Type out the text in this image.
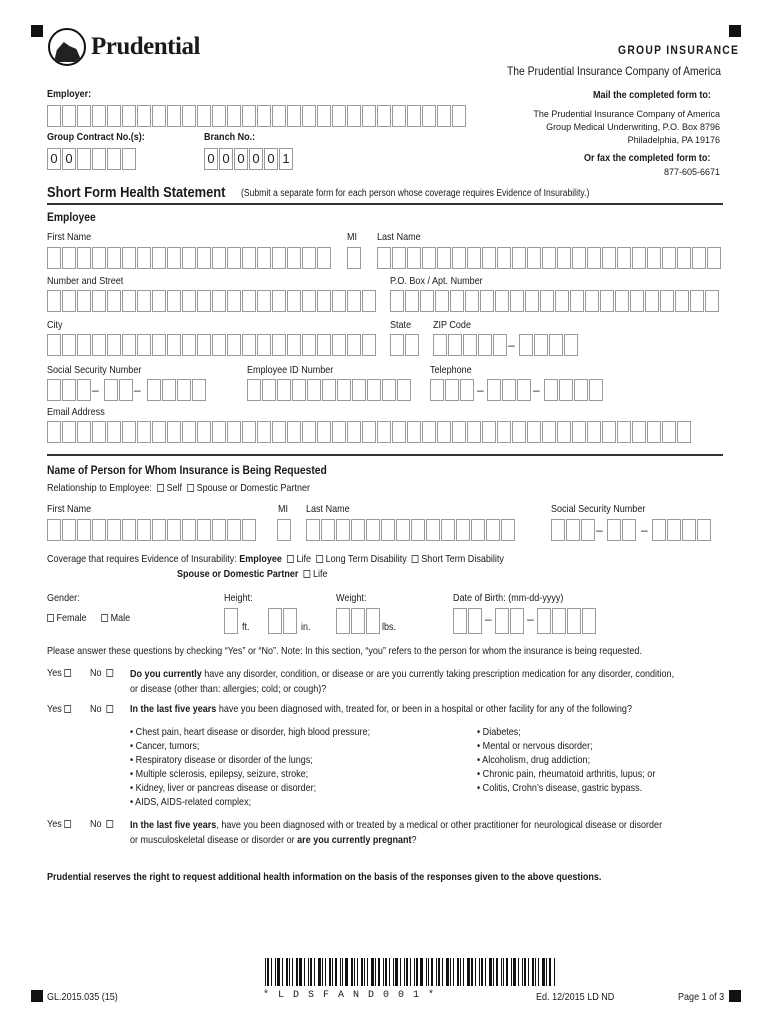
Prudential	GROUP INSURANCE
The Prudential Insurance Company of America
Employer:	Mail the completed form to:
The Prudential Insurance Company of America
Group Medical Underwriting, P.O. Box 8796
Philadelphia, PA 19176
Or fax the completed form to:
877-605-6671
Group Contract No.(s):
0 0
Branch No.:
0 0 0 0 0 1
Short Form Health Statement (Submit a separate form for each person whose coverage requires Evidence of Insurability.)
Employee
First Name	MI Last Name
Number and Street	P.O. Box / Apt. Number
City	State ZIP Code
–
Social Security Number	Employee ID Number	Telephone
–	–	–	–
Email Address
Name of Person for Whom Insurance is Being Requested
Relationship to Employee: Self Spouse or Domestic Partner
First Name	MI Last Name	Social Security Number
–	–
Coverage that requires Evidence of Insurability: Employee Life Long Term Disability Short Term Disability
Spouse or Domestic Partner Life
Gender:
Female Male
Height:
ft.	in.
Weight:
lbs.
Date of Birth: (mm-dd-yyyy)
–	–
Please answer these questions by checking “Yes” or “No”. Note: In this section, “you” refers to the person for whom the insurance is being requested.
Yes	No	Do you currently have any disorder, condition, or disease or are you currently taking prescription medication for any disorder, condition,
or disease (other than: allergies; cold; or cough)?
Yes	No	In the last five years have you been diagnosed with, treated for, or been in a hospital or other facility for any of the following?
• Chest pain, heart disease or disorder, high blood pressure;
• Cancer, tumors;
• Respiratory disease or disorder of the lungs;
• Multiple sclerosis, epilepsy, seizure, stroke;
• Kidney, liver or pancreas disease or disorder;
• AIDS, AIDS-related complex;
• Diabetes;
• Mental or nervous disorder;
• Alcoholism, drug addiction;
• Chronic pain, rheumatoid arthritis, lupus; or
• Colitis, Crohn’s disease, gastric bypass.
Yes	No	In the last five years, have you been diagnosed with or treated by a medical or other practitioner for neurological disease or disorder
or musculoskeletal disease or disorder or are you currently pregnant?
Prudential reserves the right to request additional health information on the basis of the responses given to the above questions.
* L D S F A N D 0 0 1 *
GL.2015.035 (15)	Ed. 12/2015 LD ND	Page 1 of 3
